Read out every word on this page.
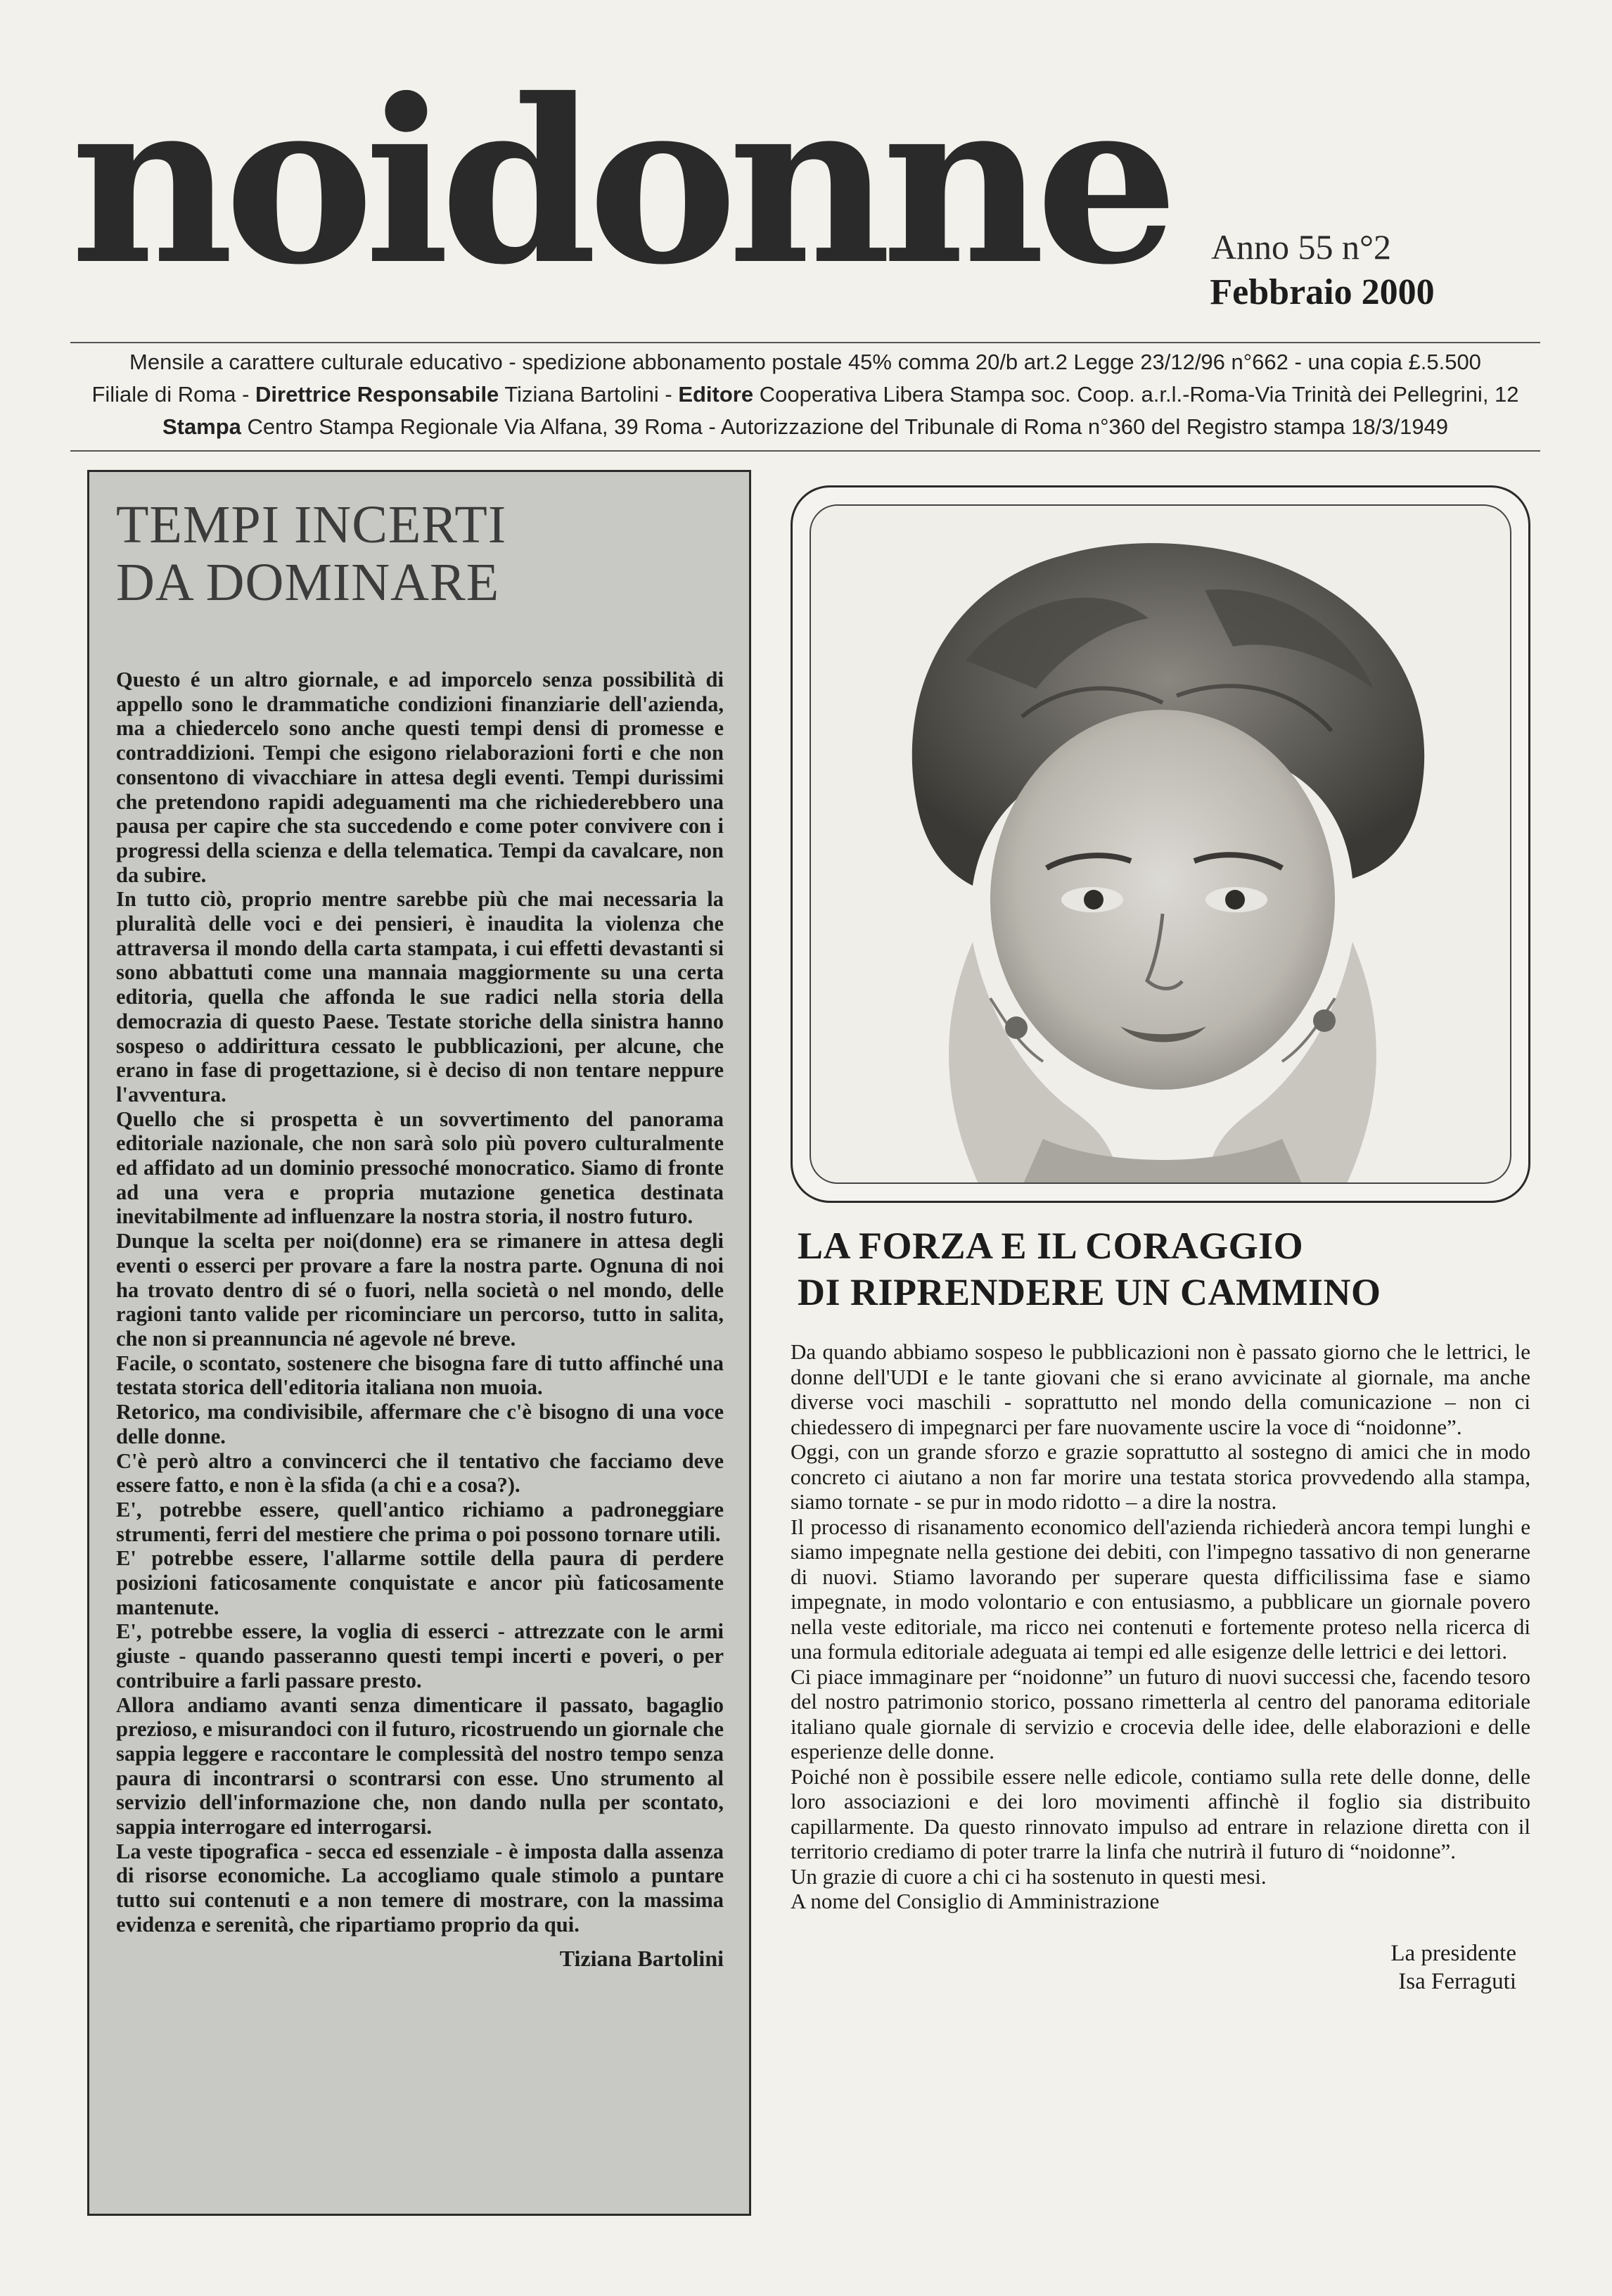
noidonne	Anno 55 n°2
Febbraio 2000
Mensile a carattere culturale educativo - spedizione abbonamento postale 45% comma 20/b art.2 Legge 23/12/96 n°662 - una copia £.5.500
Filiale di Roma - Direttrice Responsabile Tiziana Bartolini - Editore Cooperativa Libera Stampa soc. Coop. a.r.l.-Roma-Via Trinità dei Pellegrini, 12
Stampa Centro Stampa Regionale Via Alfana, 39 Roma - Autorizzazione del Tribunale di Roma n°360 del Registro stampa 18/3/1949
TEMPI INCERTI
DA DOMINARE

Questo é un altro giornale, e ad imporcelo senza possibilità di appello sono le drammatiche condizioni finanziarie dell'azienda, ma a chiedercelo sono anche questi tempi densi di promesse e contraddizioni. Tempi che esigono rielaborazioni forti e che non consentono di vivacchiare in attesa degli eventi. Tempi durissimi che pretendono rapidi adeguamenti ma che richiederebbero una pausa per capire che sta succedendo e come poter convivere con i progressi della scienza e della telematica. Tempi da cavalcare, non da subire.

In tutto ciò, proprio mentre sarebbe più che mai necessaria la pluralità delle voci e dei pensieri, è inaudita la violenza che attraversa il mondo della carta stampata, i cui effetti devastanti si sono abbattuti come una mannaia maggiormente su una certa editoria, quella che affonda le sue radici nella storia della democrazia di questo Paese. Testate storiche della sinistra hanno sospeso o addirittura cessato le pubblicazioni, per alcune, che erano in fase di progettazione, si è deciso di non tentare neppure l'avventura.

Quello che si prospetta è un sovvertimento del panorama editoriale nazionale, che non sarà solo più povero culturalmente ed affidato ad un dominio pressoché monocratico. Siamo di fronte ad una vera e propria mutazione genetica destinata inevitabilmente ad influenzare la nostra storia, il nostro futuro.

Dunque la scelta per noi(donne) era se rimanere in attesa degli eventi o esserci per provare a fare la nostra parte. Ognuna di noi ha trovato dentro di sé o fuori, nella società o nel mondo, delle ragioni tanto valide per ricominciare un percorso, tutto in salita, che non si preannuncia né agevole né breve.

Facile, o scontato, sostenere che bisogna fare di tutto affinché una testata storica dell'editoria italiana non muoia.

Retorico, ma condivisibile, affermare che c'è bisogno di una voce delle donne.

C'è però altro a convincerci che il tentativo che facciamo deve essere fatto, e non è la sfida (a chi e a cosa?).

E', potrebbe essere, quell'antico richiamo a padroneggiare strumenti, ferri del mestiere che prima o poi possono tornare utili.

E' potrebbe essere, l'allarme sottile della paura di perdere posizioni faticosamente conquistate e ancor più faticosamente mantenute.

E', potrebbe essere, la voglia di esserci - attrezzate con le armi giuste - quando passeranno questi tempi incerti e poveri, o per contribuire a farli passare presto.

Allora andiamo avanti senza dimenticare il passato, bagaglio prezioso, e misurandoci con il futuro, ricostruendo un giornale che sappia leggere e raccontare le complessità del nostro tempo senza paura di incontrarsi o scontrarsi con esse. Uno strumento al servizio dell'informazione che, non dando nulla per scontato, sappia interrogare ed interrogarsi.

La veste tipografica - secca ed essenziale - è imposta dalla assenza di risorse economiche. La accogliamo quale stimolo a puntare tutto sui contenuti e a non temere di mostrare, con la massima evidenza e serenità, che ripartiamo proprio da qui.

Tiziana Bartolini
LA FORZA E IL CORAGGIO
DI RIPRENDERE UN CAMMINO

Da quando abbiamo sospeso le pubblicazioni non è passato giorno che le lettrici, le donne dell'UDI e le tante giovani che si erano avvicinate al giornale, ma anche diverse voci maschili - soprattutto nel mondo della comunicazione – non ci chiedessero di impegnarci per fare nuovamente uscire la voce di “noidonne”.

Oggi, con un grande sforzo e grazie soprattutto al sostegno di amici che in modo concreto ci aiutano a non far morire una testata storica provvedendo alla stampa, siamo tornate - se pur in modo ridotto – a dire la nostra.

Il processo di risanamento economico dell'azienda richiederà ancora tempi lunghi e siamo impegnate nella gestione dei debiti, con l'impegno tassativo di non generarne di nuovi. Stiamo lavorando per superare questa difficilissima fase e siamo impegnate, in modo volontario e con entusiasmo, a pubblicare un giornale povero nella veste editoriale, ma ricco nei contenuti e fortemente proteso nella ricerca di una formula editoriale adeguata ai tempi ed alle esigenze delle lettrici e dei lettori.

Ci piace immaginare per “noidonne” un futuro di nuovi successi che, facendo tesoro del nostro patrimonio storico, possano rimetterla al centro del panorama editoriale italiano quale giornale di servizio e crocevia delle idee, delle elaborazioni e delle esperienze delle donne.

Poiché non è possibile essere nelle edicole, contiamo sulla rete delle donne, delle loro associazioni e dei loro movimenti affinchè il foglio sia distribuito capillarmente. Da questo rinnovato impulso ad entrare in relazione diretta con il territorio crediamo di poter trarre la linfa che nutrirà il futuro di “noidonne”.

Un grazie di cuore a chi ci ha sostenuto in questi mesi.

A nome del Consiglio di Amministrazione

La presidente
Isa Ferraguti
